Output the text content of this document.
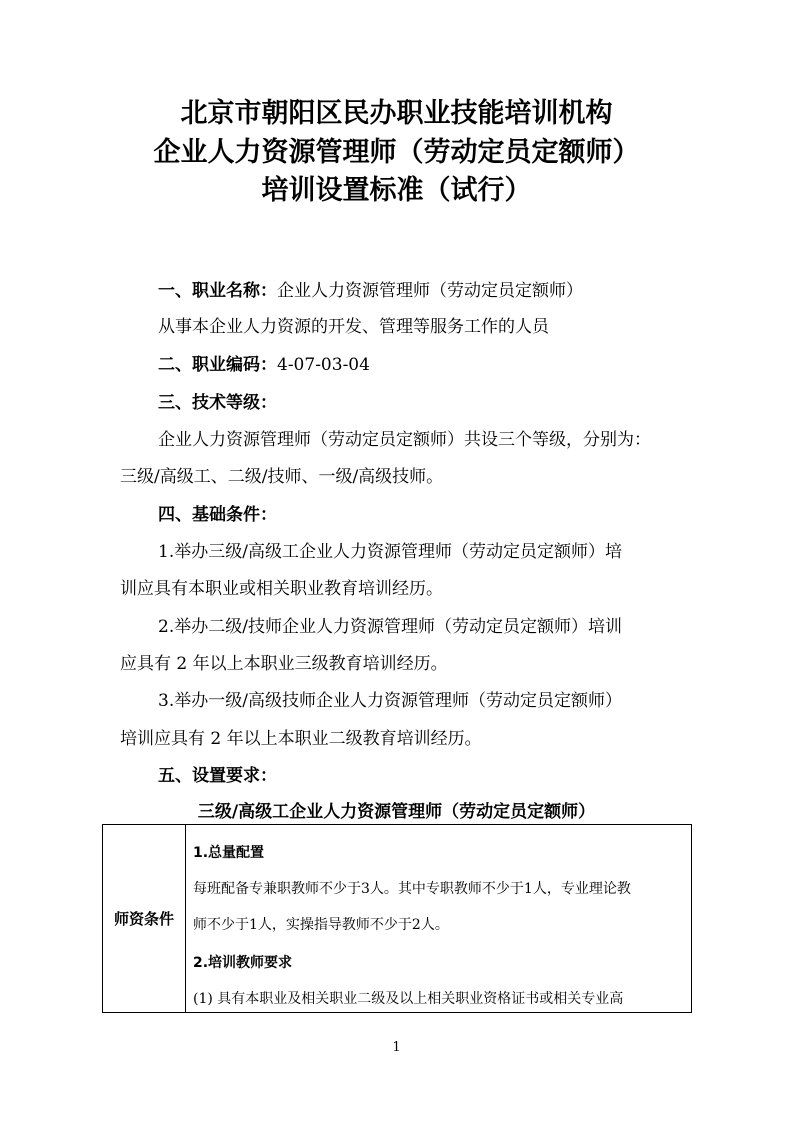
北京市朝阳区民办职业技能培训机构
企业人力资源管理师（劳动定员定额师）
培训设置标准（试行）
一、职业名称：企业人力资源管理师（劳动定员定额师）
从事本企业人力资源的开发、管理等服务工作的人员
二、职业编码：4-07-03-04
三、技术等级：
企业人力资源管理师（劳动定员定额师）共设三个等级，分别为：
三级/高级工、二级/技师、一级/高级技师。
四、基础条件：
1.举办三级/高级工企业人力资源管理师（劳动定员定额师）培
训应具有本职业或相关职业教育培训经历。
2.举办二级/技师企业人力资源管理师（劳动定员定额师）培训
应具有 2 年以上本职业三级教育培训经历。
3.举办一级/高级技师企业人力资源管理师（劳动定员定额师）
培训应具有 2 年以上本职业二级教育培训经历。
五、设置要求：
三级/高级工企业人力资源管理师（劳动定员定额师）
师资条件
1.总量配置
每班配备专兼职教师不少于3人。其中专职教师不少于1人，专业理论教
师不少于1人，实操指导教师不少于2人。
2.培训教师要求
(1) 具有本职业及相关职业二级及以上相关职业资格证书或相关专业高
1
